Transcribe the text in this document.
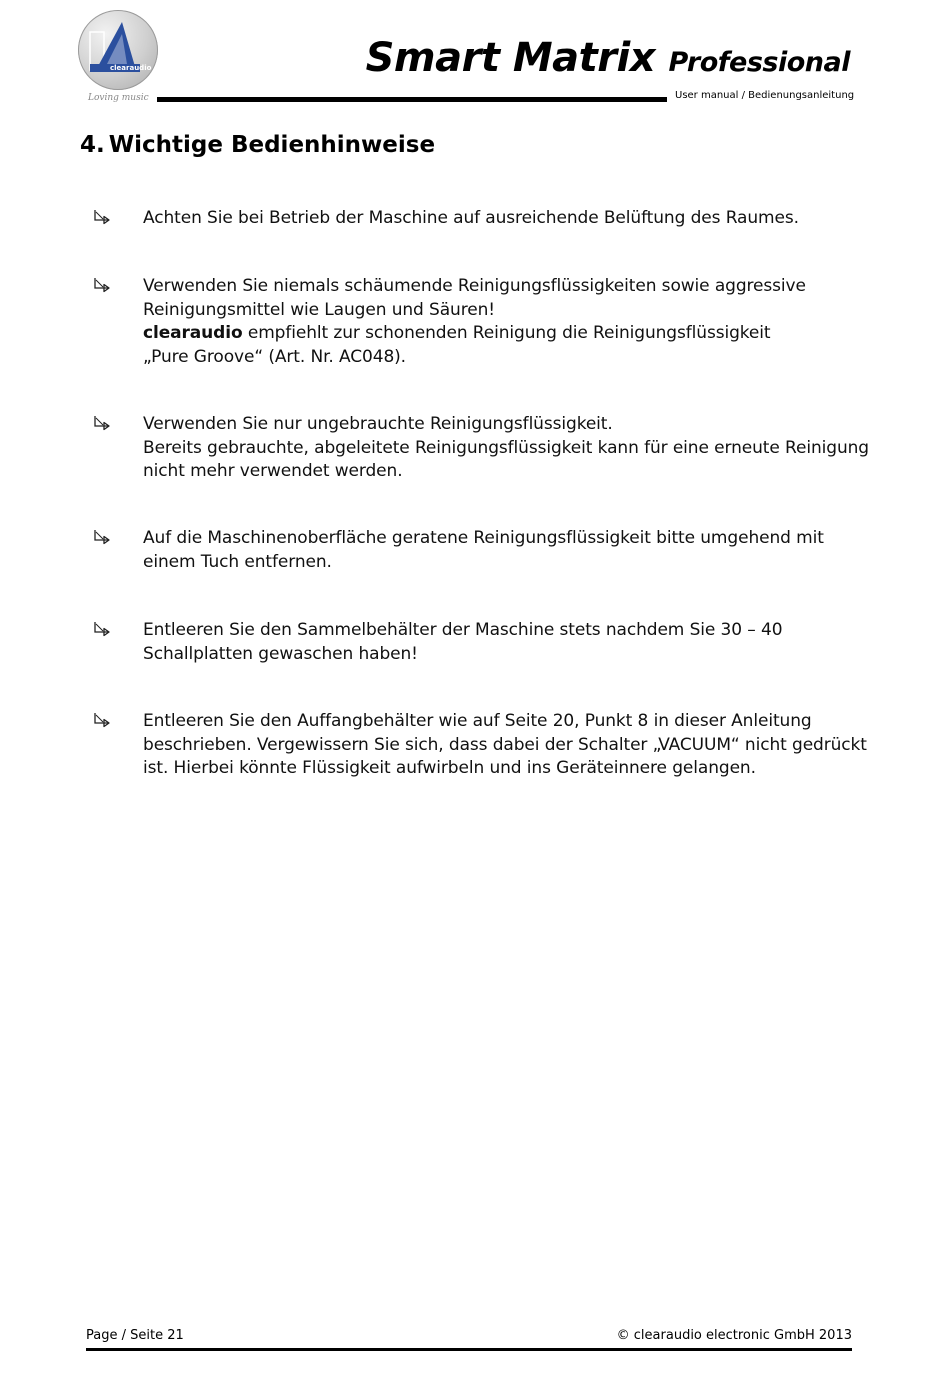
clearaudio
Loving music
Smart Matrix Professional
User manual / Bedienungsanleitung
4. Wichtige Bedienhinweise
Achten Sie bei Betrieb der Maschine auf ausreichende Belüftung des Raumes.
Verwenden Sie niemals schäumende Reinigungsflüssigkeiten sowie aggressive
Reinigungsmittel wie Laugen und Säuren!
clearaudio empfiehlt zur schonenden Reinigung die Reinigungsflüssigkeit
„Pure Groove“ (Art. Nr. AC048).
Verwenden Sie nur ungebrauchte Reinigungsflüssigkeit.
Bereits gebrauchte, abgeleitete Reinigungsflüssigkeit kann für eine erneute Reinigung
nicht mehr verwendet werden.
Auf die Maschinenoberfläche geratene Reinigungsflüssigkeit bitte umgehend mit
einem Tuch entfernen.
Entleeren Sie den Sammelbehälter der Maschine stets nachdem Sie 30 – 40
Schallplatten gewaschen haben!
Entleeren Sie den Auffangbehälter wie auf Seite 20, Punkt 8 in dieser Anleitung
beschrieben. Vergewissern Sie sich, dass dabei der Schalter „VACUUM“ nicht gedrückt
ist. Hierbei könnte Flüssigkeit aufwirbeln und ins Geräteinnere gelangen.
Page / Seite 21	© clearaudio electronic GmbH 2013
